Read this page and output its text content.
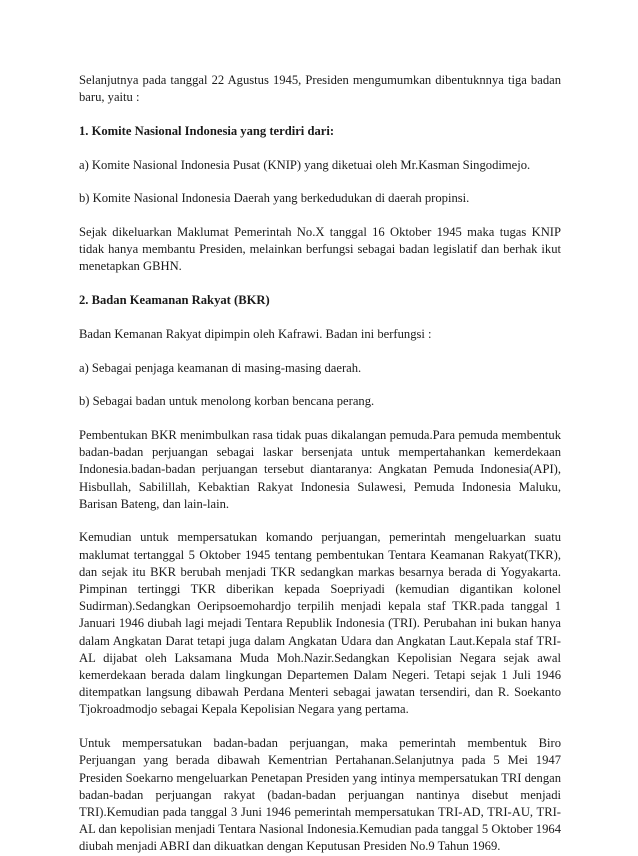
Selanjutnya pada tanggal 22 Agustus 1945, Presiden mengumumkan dibentuknnya tiga badan baru, yaitu :

1. Komite Nasional Indonesia yang terdiri dari:

a) Komite Nasional Indonesia Pusat (KNIP) yang diketuai oleh Mr.Kasman Singodimejo.

b) Komite Nasional Indonesia Daerah yang berkedudukan di daerah propinsi.

Sejak dikeluarkan Maklumat Pemerintah No.X tanggal 16 Oktober 1945 maka tugas KNIP tidak hanya membantu Presiden, melainkan berfungsi sebagai badan legislatif dan berhak ikut menetapkan GBHN.

2. Badan Keamanan Rakyat (BKR)

Badan Kemanan Rakyat dipimpin oleh Kafrawi. Badan ini berfungsi :

a) Sebagai penjaga keamanan di masing-masing daerah.

b) Sebagai badan untuk menolong korban bencana perang.

Pembentukan BKR menimbulkan rasa tidak puas dikalangan pemuda.Para pemuda membentuk badan-badan perjuangan sebagai laskar bersenjata untuk mempertahankan kemerdekaan Indonesia.badan-badan perjuangan tersebut diantaranya: Angkatan Pemuda Indonesia(API), Hisbullah, Sabilillah, Kebaktian Rakyat Indonesia Sulawesi, Pemuda Indonesia Maluku, Barisan Bateng, dan lain-lain.

Kemudian untuk mempersatukan komando perjuangan, pemerintah mengeluarkan suatu maklumat tertanggal 5 Oktober 1945 tentang pembentukan Tentara Keamanan Rakyat(TKR), dan sejak itu BKR berubah menjadi TKR sedangkan markas besarnya berada di Yogyakarta. Pimpinan tertinggi TKR diberikan kepada Soepriyadi (kemudian digantikan kolonel Sudirman).Sedangkan Oeripsoemohardjo terpilih menjadi kepala staf TKR.pada tanggal 1 Januari 1946 diubah lagi mejadi Tentara Republik Indonesia (TRI). Perubahan ini bukan hanya dalam Angkatan Darat tetapi juga dalam Angkatan Udara dan Angkatan Laut.Kepala staf TRI-AL dijabat oleh Laksamana Muda Moh.Nazir.Sedangkan Kepolisian Negara sejak awal kemerdekaan berada dalam lingkungan Departemen Dalam Negeri. Tetapi sejak 1 Juli 1946 ditempatkan langsung dibawah Perdana Menteri sebagai jawatan tersendiri, dan R. Soekanto Tjokroadmodjo sebagai Kepala Kepolisian Negara yang pertama.

Untuk mempersatukan badan-badan perjuangan, maka pemerintah membentuk Biro Perjuangan yang berada dibawah Kementrian Pertahanan.Selanjutnya pada 5 Mei 1947 Presiden Soekarno mengeluarkan Penetapan Presiden yang intinya mempersatukan TRI dengan badan-badan perjuangan rakyat (badan-badan perjuangan nantinya disebut menjadi TRI).Kemudian pada tanggal 3 Juni 1946 pemerintah mempersatukan TRI-AD, TRI-AU, TRI-AL dan kepolisian menjadi Tentara Nasional Indonesia.Kemudian pada tanggal 5 Oktober 1964 diubah menjadi ABRI dan dikuatkan dengan Keputusan Presiden No.9 Tahun 1969.
